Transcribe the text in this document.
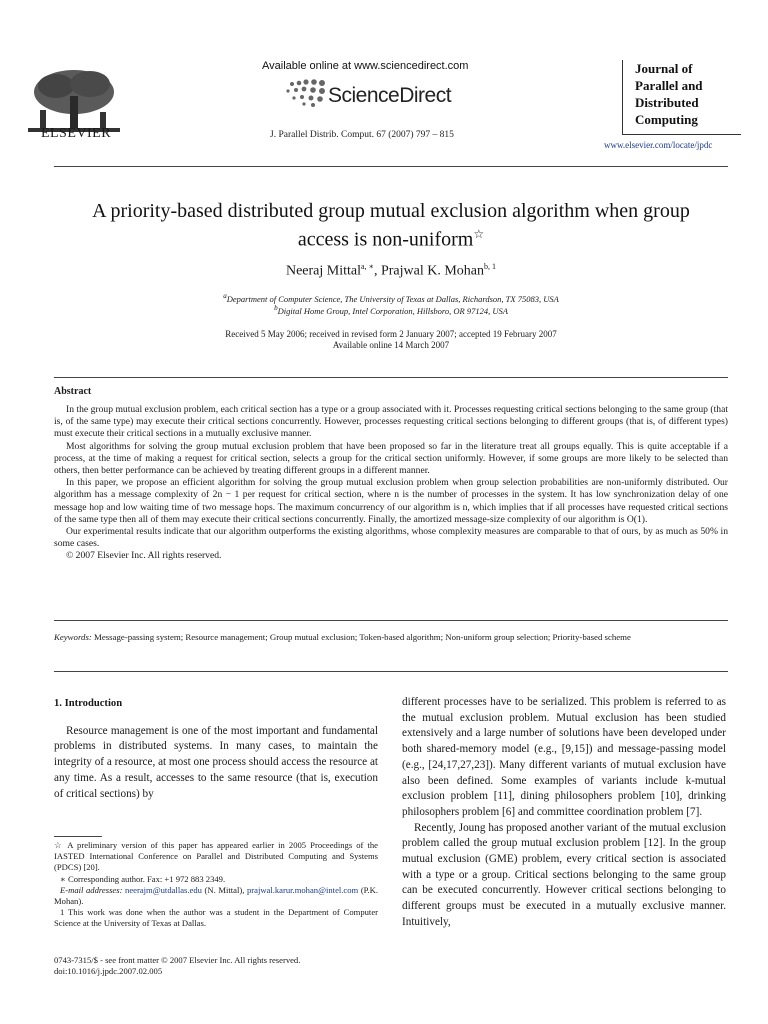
ELSEVIER
Available online at www.sciencedirect.com
ScienceDirect
J. Parallel Distrib. Comput. 67 (2007) 797 – 815
Journal of
Parallel and
Distributed
Computing
www.elsevier.com/locate/jpdc
A priority-based distributed group mutual exclusion algorithm when group
access is non-uniform☆
Neeraj Mittal$^{a, ∗}$, Prajwal K. Mohan$^{b, 1}$
$^a$Department of Computer Science, The University of Texas at Dallas, Richardson, TX 75083, USA
$^b$Digital Home Group, Intel Corporation, Hillsboro, OR 97124, USA
Received 5 May 2006; received in revised form 2 January 2007; accepted 19 February 2007
Available online 14 March 2007
Abstract

In the group mutual exclusion problem, each critical section has a type or a group associated with it. Processes requesting critical sections belonging to the same group (that is, of the same type) may execute their critical sections concurrently. However, processes requesting critical sections belonging to different groups (that is, of different types) must execute their critical sections in a mutually exclusive manner.

Most algorithms for solving the group mutual exclusion problem that have been proposed so far in the literature treat all groups equally. This is quite acceptable if a process, at the time of making a request for critical section, selects a group for the critical section uniformly. However, if some groups are more likely to be selected than others, then better performance can be achieved by treating different groups in a different manner.

In this paper, we propose an efficient algorithm for solving the group mutual exclusion problem when group selection probabilities are non-uniformly distributed. Our algorithm has a message complexity of 2n − 1 per request for critical section, where n is the number of processes in the system. It has low synchronization delay of one message hop and low waiting time of two message hops. The maximum concurrency of our algorithm is n, which implies that if all processes have requested critical sections of the same type then all of them may execute their critical sections concurrently. Finally, the amortized message-size complexity of our algorithm is O(1).

Our experimental results indicate that our algorithm outperforms the existing algorithms, whose complexity measures are comparable to that of ours, by as much as 50% in some cases.

© 2007 Elsevier Inc. All rights reserved.

Keywords: Message-passing system; Resource management; Group mutual exclusion; Token-based algorithm; Non-uniform group selection; Priority-based scheme
1. Introduction

Resource management is one of the most important and fundamental problems in distributed systems. In many cases, to maintain the integrity of a resource, at most one process should access the resource at any time. As a result, accesses to the same resource (that is, execution of critical sections) by

different processes have to be serialized. This problem is referred to as the mutual exclusion problem. Mutual exclusion has been studied extensively and a large number of solutions have been developed under both shared-memory model (e.g., [9,15]) and message-passing model (e.g., [24,17,27,23]). Many different variants of mutual exclusion have also been defined. Some examples of variants include k-mutual exclusion problem [11], dining philosophers problem [10], drinking philosophers problem [6] and committee coordination problem [7].

Recently, Joung has proposed another variant of the mutual exclusion problem called the group mutual exclusion problem [12]. In the group mutual exclusion (GME) problem, every critical section is associated with a type or a group. Critical sections belonging to the same group can be executed concurrently. However critical sections belonging to different groups must be executed in a mutually exclusive manner. Intuitively,

☆ A preliminary version of this paper has appeared earlier in 2005 Proceedings of the IASTED International Conference on Parallel and Distributed Computing and Systems (PDCS) [20].

∗ Corresponding author. Fax: +1 972 883 2349.

E-mail addresses: neerajm@utdallas.edu (N. Mittal), prajwal.karur.mohan@intel.com (P.K. Mohan).

1 This work was done when the author was a student in the Department of Computer Science at the University of Texas at Dallas.

0743-7315/$ - see front matter © 2007 Elsevier Inc. All rights reserved.
doi:10.1016/j.jpdc.2007.02.005
